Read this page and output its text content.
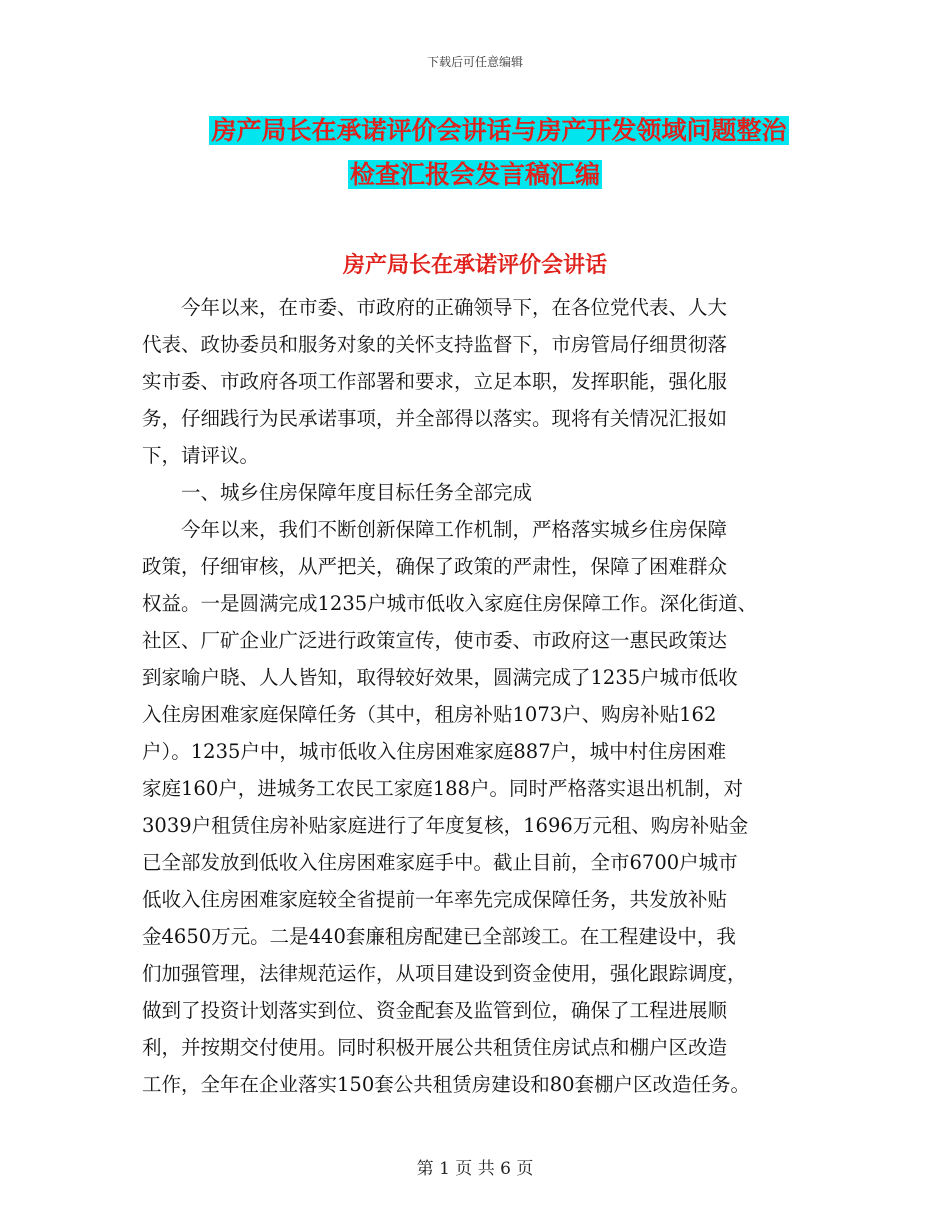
下载后可任意编辑
房产局长在承诺评价会讲话与房产开发领域问题整治
检查汇报会发言稿汇编
房产局长在承诺评价会讲话
　　今年以来，在市委、市政府的正确领导下，在各位党代表、人大
代表、政协委员和服务对象的关怀支持监督下，市房管局仔细贯彻落
实市委、市政府各项工作部署和要求，立足本职，发挥职能，强化服
务，仔细践行为民承诺事项，并全部得以落实。现将有关情况汇报如
下，请评议。
　　一、城乡住房保障年度目标任务全部完成
　　今年以来，我们不断创新保障工作机制，严格落实城乡住房保障
政策，仔细审核，从严把关，确保了政策的严肃性，保障了困难群众
权益。一是圆满完成1235户城市低收入家庭住房保障工作。深化街道、
社区、厂矿企业广泛进行政策宣传，使市委、市政府这一惠民政策达
到家喻户晓、人人皆知，取得较好效果，圆满完成了1235户城市低收
入住房困难家庭保障任务（其中，租房补贴1073户、购房补贴162
户）。1235户中，城市低收入住房困难家庭887户，城中村住房困难
家庭160户，进城务工农民工家庭188户。同时严格落实退出机制，对
3039户租赁住房补贴家庭进行了年度复核，1696万元租、购房补贴金
已全部发放到低收入住房困难家庭手中。截止目前，全市6700户城市
低收入住房困难家庭较全省提前一年率先完成保障任务，共发放补贴
金4650万元。二是440套廉租房配建已全部竣工。在工程建设中，我
们加强管理，法律规范运作，从项目建设到资金使用，强化跟踪调度，
做到了投资计划落实到位、资金配套及监管到位，确保了工程进展顺
利，并按期交付使用。同时积极开展公共租赁住房试点和棚户区改造
工作，全年在企业落实150套公共租赁房建设和80套棚户区改造任务。
第 1 页 共 6 页
